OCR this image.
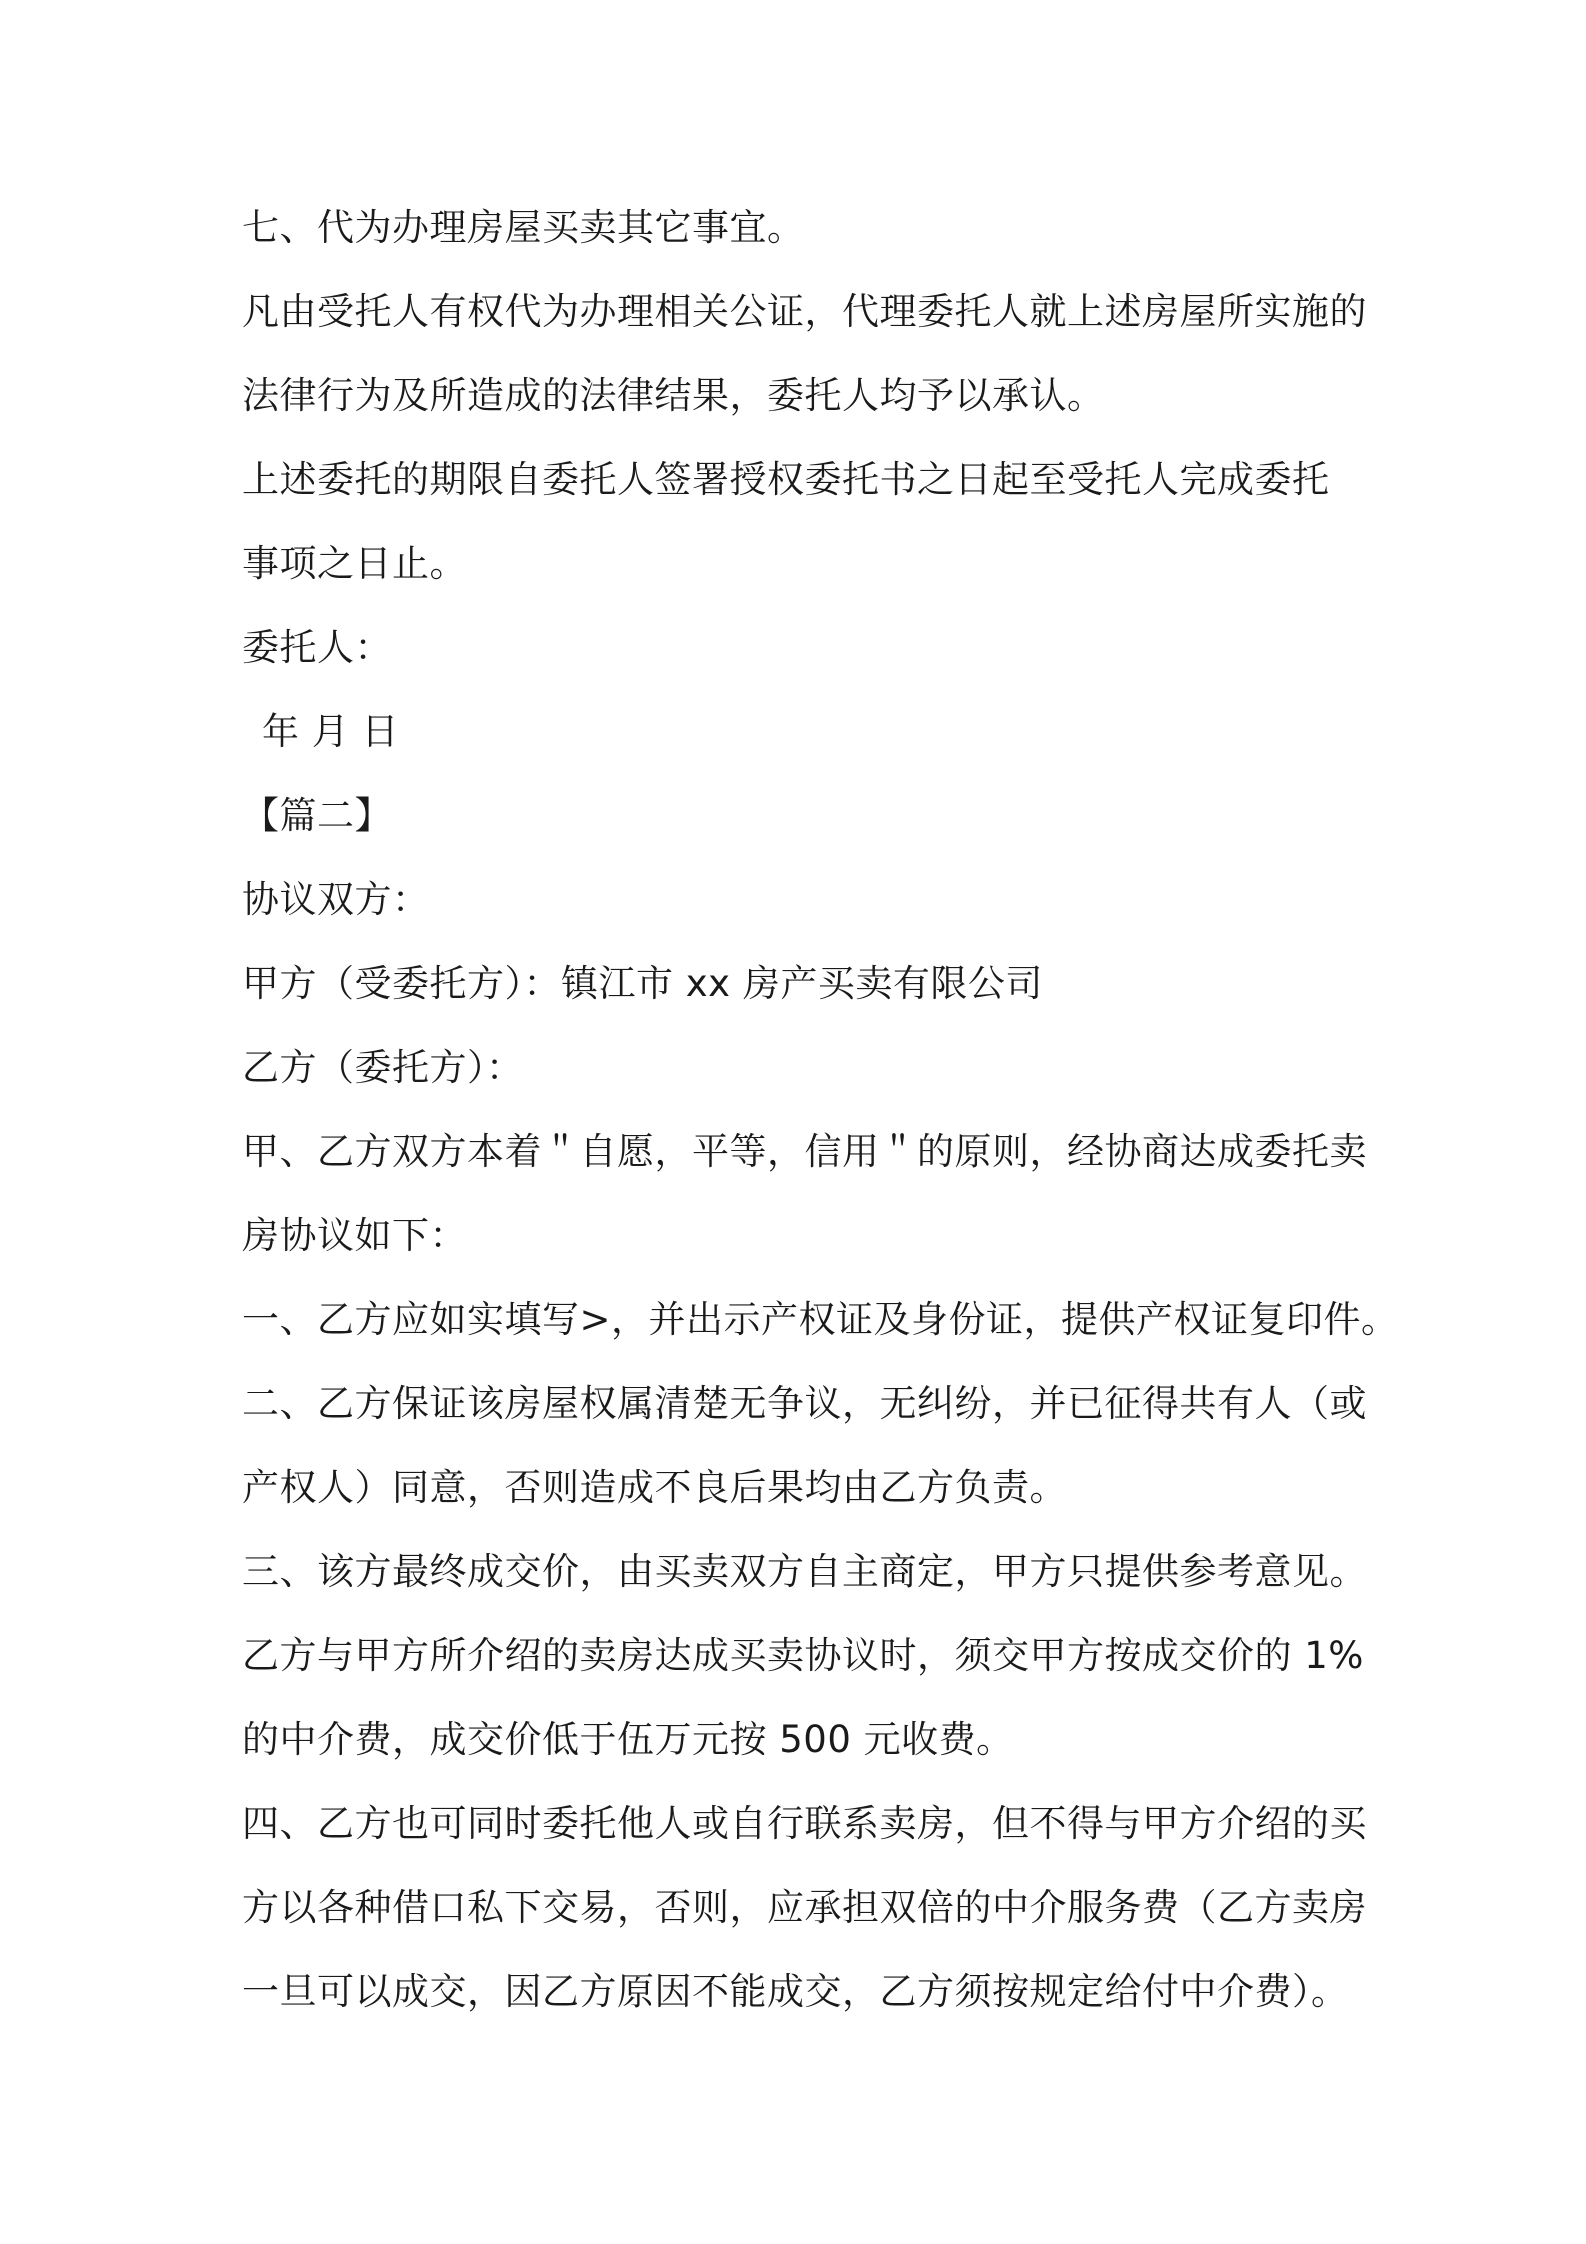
七、代为办理房屋买卖其它事宜。

凡由受托人有权代为办理相关公证，代理委托人就上述房屋所实施的

法律行为及所造成的法律结果，委托人均予以承认。

上述委托的期限自委托人签署授权委托书之日起至受托人完成委托

事项之日止。

委托人：

年 月 日

【篇二】

协议双方：

甲方（受委托方）：镇江市 xx 房产买卖有限公司

乙方（委托方）：

甲、乙方双方本着＂自愿，平等，信用＂的原则，经协商达成委托卖

房协议如下：

一、乙方应如实填写>，并出示产权证及身份证，提供产权证复印件。

二、乙方保证该房屋权属清楚无争议，无纠纷，并已征得共有人（或

产权人）同意，否则造成不良后果均由乙方负责。

三、该方最终成交价，由买卖双方自主商定，甲方只提供参考意见。

乙方与甲方所介绍的卖房达成买卖协议时，须交甲方按成交价的 1%

的中介费，成交价低于伍万元按 500 元收费。

四、乙方也可同时委托他人或自行联系卖房，但不得与甲方介绍的买

方以各种借口私下交易，否则，应承担双倍的中介服务费（乙方卖房

一旦可以成交，因乙方原因不能成交，乙方须按规定给付中介费）。
